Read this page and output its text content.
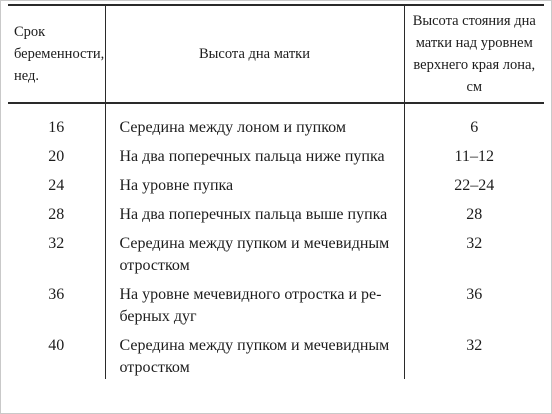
Срок беременности, нед.	Высота дна матки	Высота стояния дна матки над уровнем верхнего края лона, см
16	Середина между лоном и пупком	6
20	На два поперечных пальца ниже пупка	11–12
24	На уровне пупка	22–24
28	На два поперечных пальца выше пупка	28
32	Середина между пупком и мечевидным отростком	32
36	На уровне мечевидного отростка и реберных дуг	36
40	Середина между пупком и мечевидным отростком	32
